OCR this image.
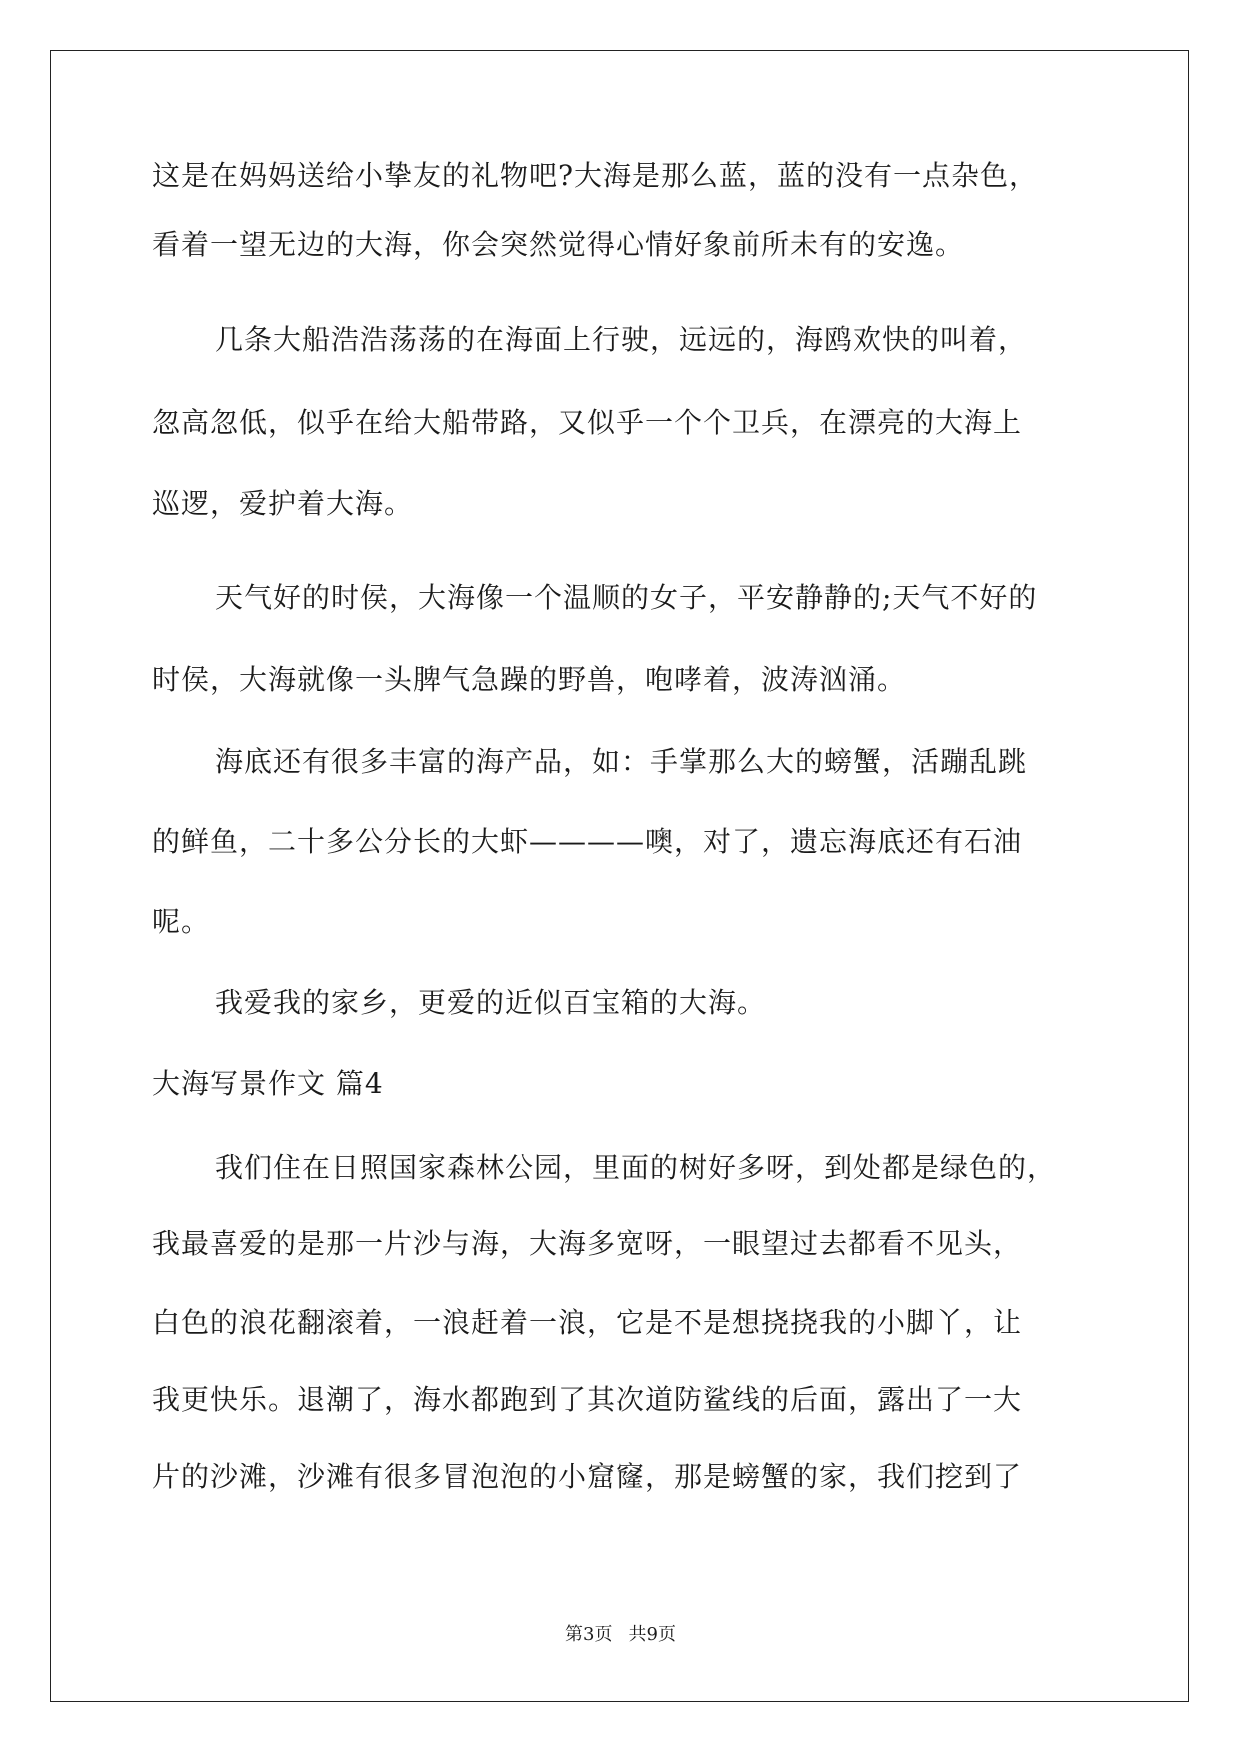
这是在妈妈送给小挚友的礼物吧?大海是那么蓝，蓝的没有一点杂色，
看着一望无边的大海，你会突然觉得心情好象前所未有的安逸。
几条大船浩浩荡荡的在海面上行驶，远远的，海鸥欢快的叫着，
忽高忽低，似乎在给大船带路，又似乎一个个卫兵，在漂亮的大海上
巡逻，爱护着大海。
天气好的时侯，大海像一个温顺的女子，平安静静的;天气不好的
时侯，大海就像一头脾气急躁的野兽，咆哮着，波涛汹涌。
海底还有很多丰富的海产品，如：手掌那么大的螃蟹，活蹦乱跳
的鲜鱼，二十多公分长的大虾————噢，对了，遗忘海底还有石油
呢。
我爱我的家乡，更爱的近似百宝箱的大海。
大海写景作文 篇4
我们住在日照国家森林公园，里面的树好多呀，到处都是绿色的，
我最喜爱的是那一片沙与海，大海多宽呀，一眼望过去都看不见头，
白色的浪花翻滚着，一浪赶着一浪，它是不是想挠挠我的小脚丫，让
我更快乐。退潮了，海水都跑到了其次道防鲨线的后面，露出了一大
片的沙滩，沙滩有很多冒泡泡的小窟窿，那是螃蟹的家，我们挖到了
第3页 共9页
